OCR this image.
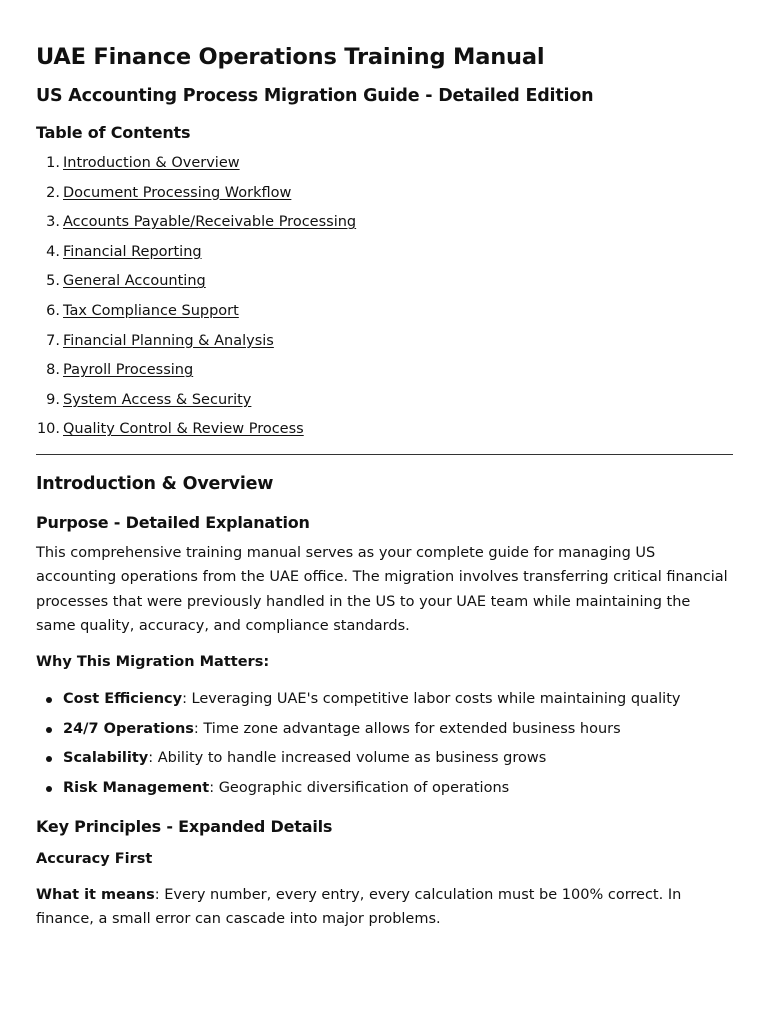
UAE Finance Operations Training Manual
US Accounting Process Migration Guide - Detailed Edition
Table of Contents
1. Introduction & Overview
2. Document Processing Workflow
3. Accounts Payable/Receivable Processing
4. Financial Reporting
5. General Accounting
6. Tax Compliance Support
7. Financial Planning & Analysis
8. Payroll Processing
9. System Access & Security
10. Quality Control & Review Process
Introduction & Overview
Purpose - Detailed Explanation

This comprehensive training manual serves as your complete guide for managing US accounting operations from the UAE office. The migration involves transferring critical financial processes that were previously handled in the US to your UAE team while maintaining the same quality, accuracy, and compliance standards.

Why This Migration Matters:
Cost Efficiency: Leveraging UAE's competitive labor costs while maintaining quality
24/7 Operations: Time zone advantage allows for extended business hours
Scalability: Ability to handle increased volume as business grows
Risk Management: Geographic diversification of operations
Key Principles - Expanded Details
Accuracy First

What it means: Every number, every entry, every calculation must be 100% correct. In finance, a small error can cascade into major problems.
